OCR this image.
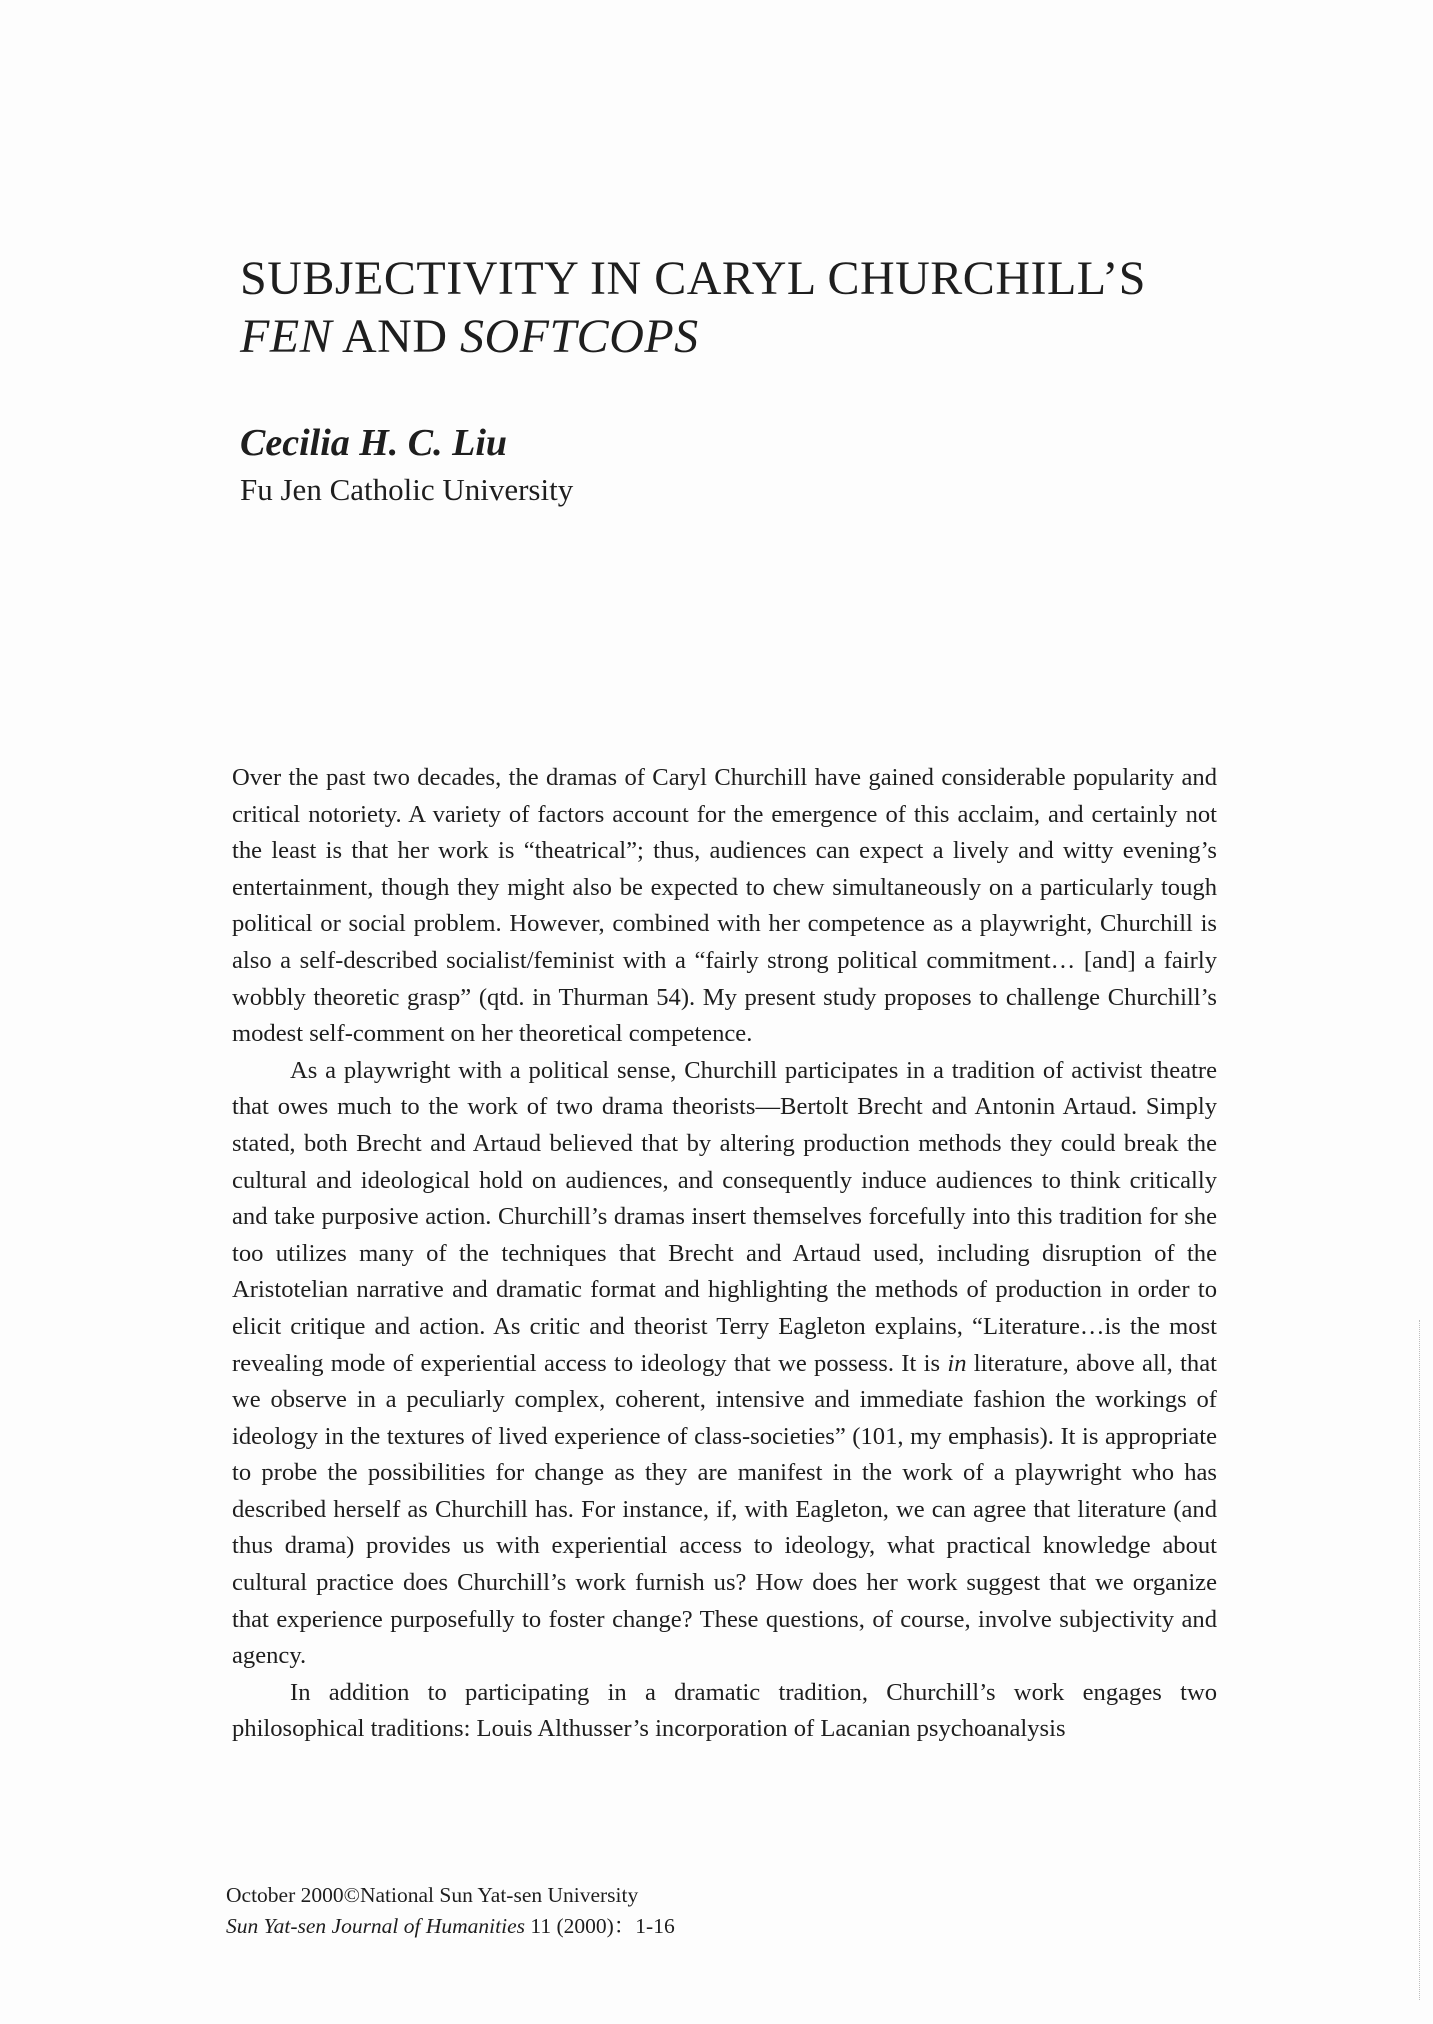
SUBJECTIVITY IN CARYL CHURCHILL’S
FEN AND SOFTCOPS

Cecilia H. C. Liu

Fu Jen Catholic University

Over the past two decades, the dramas of Caryl Churchill have gained considerable popularity and critical notoriety. A variety of factors account for the emergence of this acclaim, and certainly not the least is that her work is “theatrical”; thus, audiences can expect a lively and witty evening’s entertainment, though they might also be expected to chew simultaneously on a particularly tough political or social problem. However, combined with her competence as a playwright, Churchill is also a self-described socialist/feminist with a “fairly strong political commitment… [and] a fairly wobbly theoretic grasp” (qtd. in Thurman 54). My present study proposes to challenge Churchill’s modest self-comment on her theoretical competence.

As a playwright with a political sense, Churchill participates in a tradition of activist theatre that owes much to the work of two drama theorists—Bertolt Brecht and Antonin Artaud. Simply stated, both Brecht and Artaud believed that by altering production methods they could break the cultural and ideological hold on audiences, and consequently induce audiences to think critically and take purposive action. Churchill’s dramas insert themselves forcefully into this tradition for she too utilizes many of the techniques that Brecht and Artaud used, including disruption of the Aristotelian narrative and dramatic format and highlighting the methods of production in order to elicit critique and action. As critic and theorist Terry Eagleton explains, “Literature…is the most revealing mode of experiential access to ideology that we possess. It is in literature, above all, that we observe in a peculiarly complex, coherent, intensive and immediate fashion the workings of ideology in the textures of lived experience of class-societies” (101, my emphasis). It is appropriate to probe the possibilities for change as they are manifest in the work of a playwright who has described herself as Churchill has. For instance, if, with Eagleton, we can agree that literature (and thus drama) provides us with experiential access to ideology, what practical knowledge about cultural practice does Churchill’s work furnish us? How does her work suggest that we organize that experience purposefully to foster change? These questions, of course, involve subjectivity and agency.

In addition to participating in a dramatic tradition, Churchill’s work engages two philosophical traditions: Louis Althusser’s incorporation of Lacanian psychoanalysis

October 2000©National Sun Yat-sen University
Sun Yat-sen Journal of Humanities 11 (2000)：1-16
